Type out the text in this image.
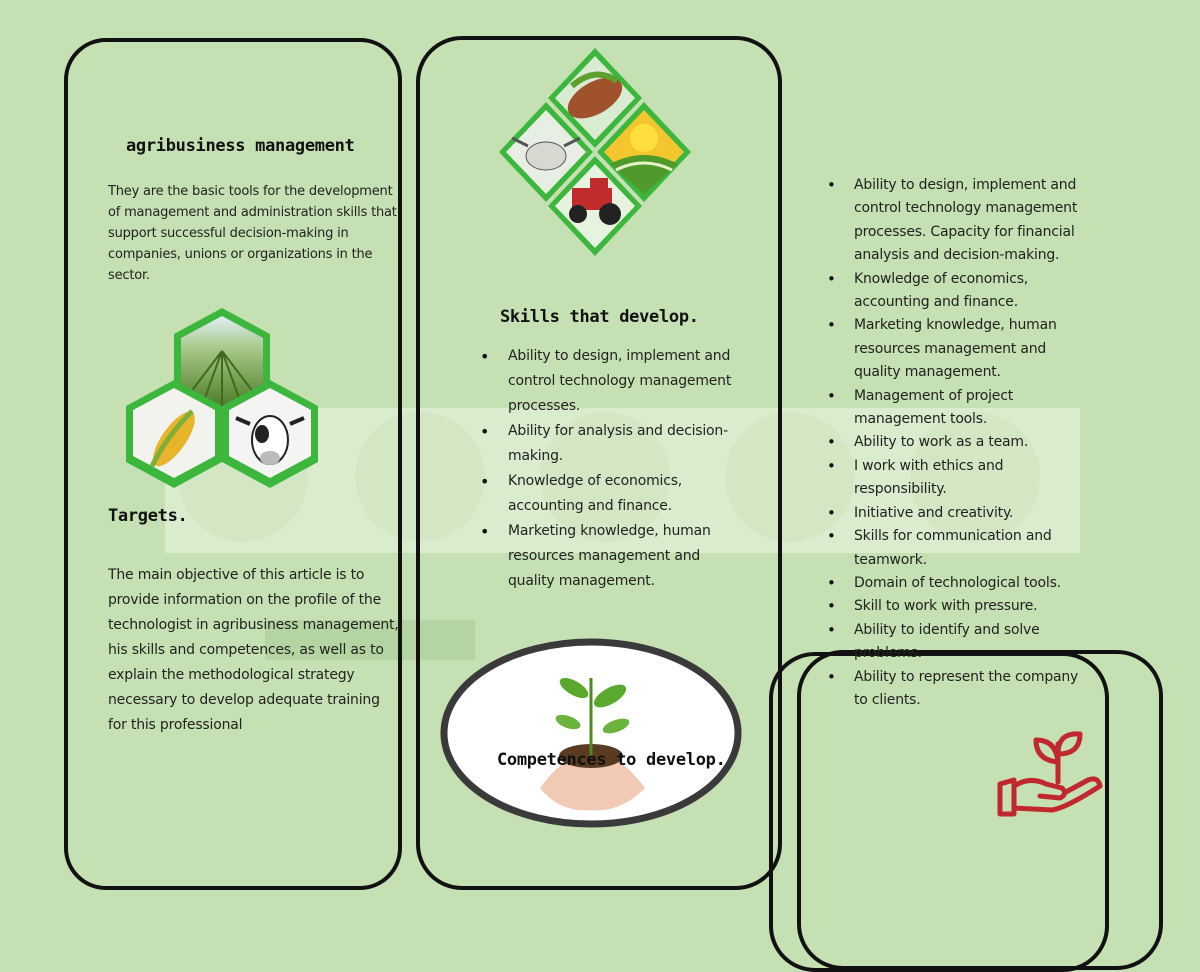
agribusiness management
They are the basic tools for the development of management and administration skills that support successful decision-making in companies, unions or organizations in the sector.
Targets.
The main objective of this article is to provide information on the profile of the technologist in agribusiness management, his skills and competences, as well as to explain the methodological strategy necessary to develop adequate training for this professional
Skills that develop.
• Ability to design, implement and control technology management processes.
• Ability for analysis and decision-making.
• Knowledge of economics, accounting and finance.
• Marketing knowledge, human resources management and quality management.
Competences to develop.
• Ability to design, implement and control technology management processes. Capacity for financial analysis and decision-making.
• Knowledge of economics, accounting and finance.
• Marketing knowledge, human resources management and quality management.
• Management of project management tools.
• Ability to work as a team.
• I work with ethics and responsibility.
• Initiative and creativity.
• Skills for communication and teamwork.
• Domain of technological tools.
• Skill to work with pressure.
• Ability to identify and solve problems.
• Ability to represent the company to clients.
